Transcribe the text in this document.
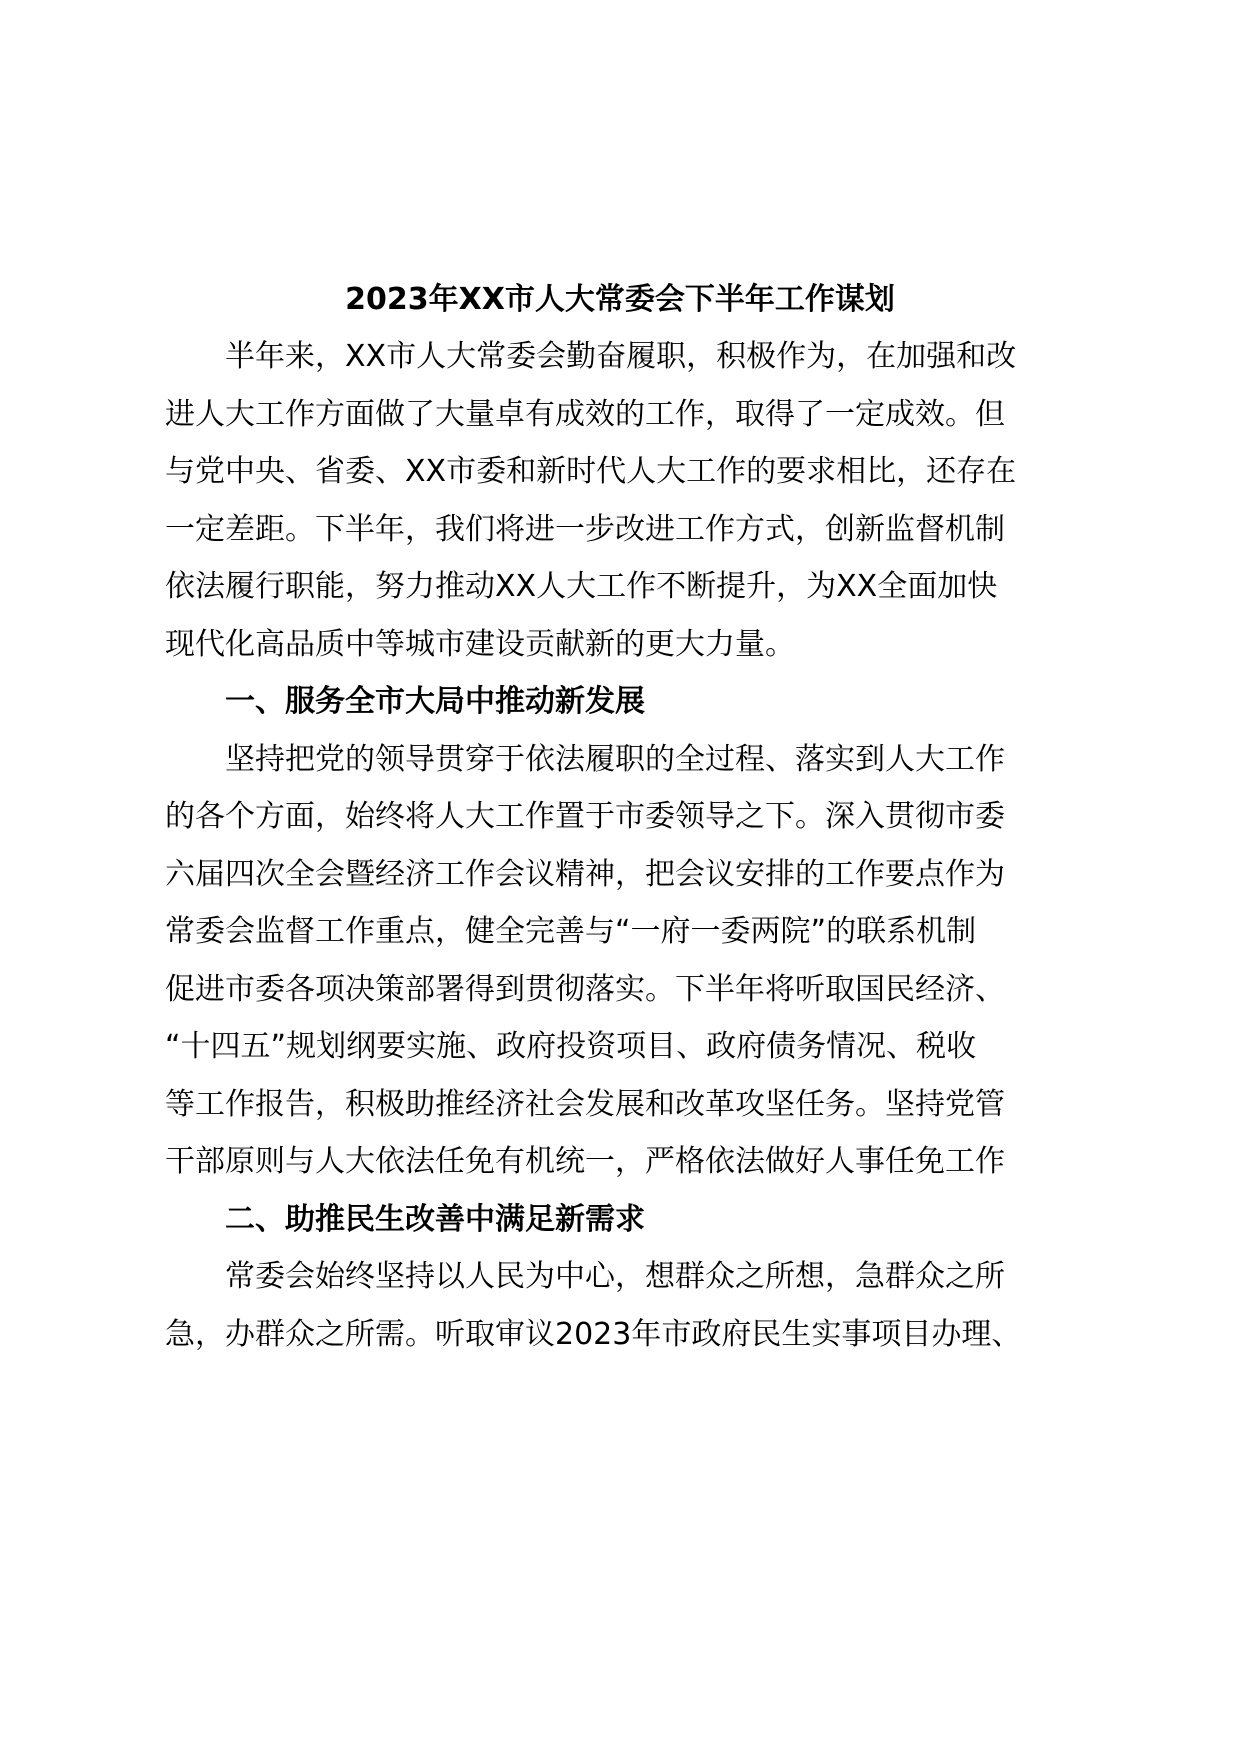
2023年XX市人大常委会下半年工作谋划

半年来，XX市人大常委会勤奋履职，积极作为，在加强和改

进人大工作方面做了大量卓有成效的工作，取得了一定成效。但

与党中央、省委、XX市委和新时代人大工作的要求相比，还存在

一定差距。下半年，我们将进一步改进工作方式，创新监督机制

依法履行职能，努力推动XX人大工作不断提升，为XX全面加快

现代化高品质中等城市建设贡献新的更大力量。

一、服务全市大局中推动新发展

坚持把党的领导贯穿于依法履职的全过程、落实到人大工作

的各个方面，始终将人大工作置于市委领导之下。深入贯彻市委

六届四次全会暨经济工作会议精神，把会议安排的工作要点作为

常委会监督工作重点，健全完善与“一府一委两院”的联系机制

促进市委各项决策部署得到贯彻落实。下半年将听取国民经济、

“十四五”规划纲要实施、政府投资项目、政府债务情况、税收

等工作报告，积极助推经济社会发展和改革攻坚任务。坚持党管

干部原则与人大依法任免有机统一，严格依法做好人事任免工作

二、助推民生改善中满足新需求

常委会始终坚持以人民为中心，想群众之所想，急群众之所

急，办群众之所需。听取审议2023年市政府民生实事项目办理、
